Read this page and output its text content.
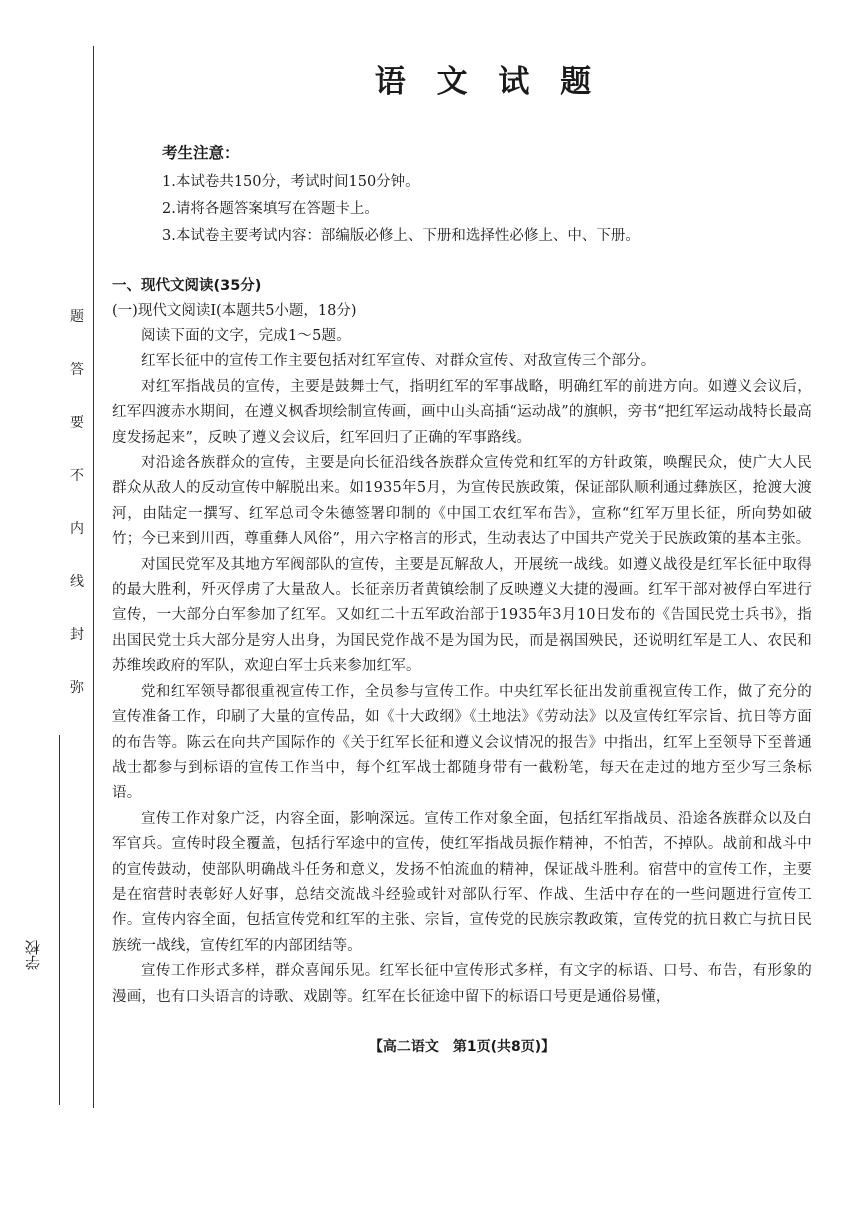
题
答
要
不
内
线
封
弥
学校
语 文 试 题
考生注意：
1.本试卷共150分，考试时间150分钟。
2.请将各题答案填写在答题卡上。
3.本试卷主要考试内容：部编版必修上、下册和选择性必修上、中、下册。
一、现代文阅读(35分)
(一)现代文阅读Ⅰ(本题共5小题，18分)
阅读下面的文字，完成1～5题。
红军长征中的宣传工作主要包括对红军宣传、对群众宣传、对敌宣传三个部分。
对红军指战员的宣传，主要是鼓舞士气，指明红军的军事战略，明确红军的前进方向。如遵义会议后，红军四渡赤水期间，在遵义枫香坝绘制宣传画，画中山头高插“运动战”的旗帜，旁书“把红军运动战特长最高度发扬起来”，反映了遵义会议后，红军回归了正确的军事路线。
对沿途各族群众的宣传，主要是向长征沿线各族群众宣传党和红军的方针政策，唤醒民众，使广大人民群众从敌人的反动宣传中解脱出来。如1935年5月，为宣传民族政策，保证部队顺利通过彝族区，抢渡大渡河，由陆定一撰写、红军总司令朱德签署印制的《中国工农红军布告》，宣称“红军万里长征，所向势如破竹；今已来到川西，尊重彝人风俗”，用六字格言的形式，生动表达了中国共产党关于民族政策的基本主张。
对国民党军及其地方军阀部队的宣传，主要是瓦解敌人，开展统一战线。如遵义战役是红军长征中取得的最大胜利，歼灭俘虏了大量敌人。长征亲历者黄镇绘制了反映遵义大捷的漫画。红军干部对被俘白军进行宣传，一大部分白军参加了红军。又如红二十五军政治部于1935年3月10日发布的《告国民党士兵书》，指出国民党士兵大部分是穷人出身，为国民党作战不是为国为民，而是祸国殃民，还说明红军是工人、农民和苏维埃政府的军队，欢迎白军士兵来参加红军。
党和红军领导都很重视宣传工作，全员参与宣传工作。中央红军长征出发前重视宣传工作，做了充分的宣传准备工作，印刷了大量的宣传品，如《十大政纲》《土地法》《劳动法》以及宣传红军宗旨、抗日等方面的布告等。陈云在向共产国际作的《关于红军长征和遵义会议情况的报告》中指出，红军上至领导下至普通战士都参与到标语的宣传工作当中，每个红军战士都随身带有一截粉笔，每天在走过的地方至少写三条标语。
宣传工作对象广泛，内容全面，影响深远。宣传工作对象全面，包括红军指战员、沿途各族群众以及白军官兵。宣传时段全覆盖，包括行军途中的宣传，使红军指战员振作精神，不怕苦，不掉队。战前和战斗中的宣传鼓动，使部队明确战斗任务和意义，发扬不怕流血的精神，保证战斗胜利。宿营中的宣传工作，主要是在宿营时表彰好人好事，总结交流战斗经验或针对部队行军、作战、生活中存在的一些问题进行宣传工作。宣传内容全面，包括宣传党和红军的主张、宗旨，宣传党的民族宗教政策，宣传党的抗日救亡与抗日民族统一战线，宣传红军的内部团结等。
宣传工作形式多样，群众喜闻乐见。红军长征中宣传形式多样，有文字的标语、口号、布告，有形象的漫画，也有口头语言的诗歌、戏剧等。红军在长征途中留下的标语口号更是通俗易懂，
【高二语文　第1页(共8页)】
